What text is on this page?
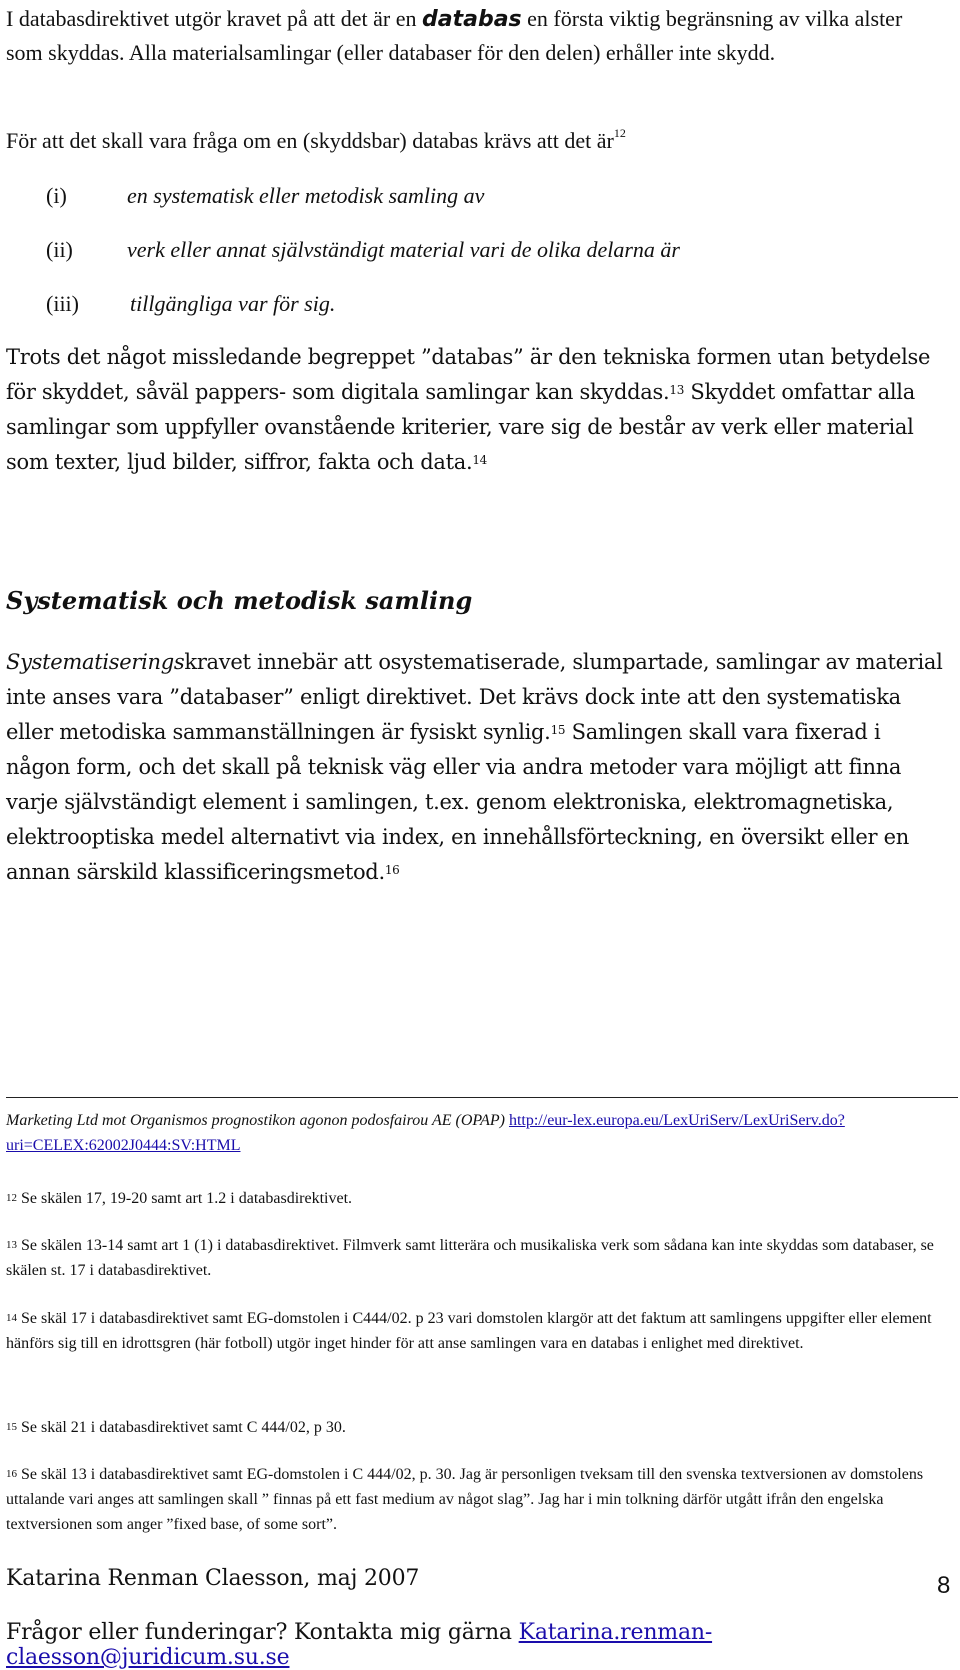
I databasdirektivet utgör kravet på att det är en databas en första viktig begränsning av vilka alster som skyddas. Alla materialsamlingar (eller databaser för den delen) erhåller inte skydd.
För att det skall vara fråga om en (skyddsbar) databas krävs att det är$^{12}$
(i)	en systematisk eller metodisk samling av
(ii) verk eller annat självständigt material vari de olika delarna är
(iii) tillgängliga var för sig.
Trots det något missledande begreppet ”databas” är den tekniska formen utan betydelse för skyddet, såväl pappers- som digitala samlingar kan skyddas.$^{13}$ Skyddet omfattar alla samlingar som uppfyller ovanstående kriterier, vare sig de består av verk eller material som texter, ljud bilder, siffror, fakta och data.$^{14}$
Systematisk och metodisk samling
Systematiseringskravet innebär att osystematiserade, slumpartade, samlingar av material inte anses vara ”databaser” enligt direktivet. Det krävs dock inte att den systematiska eller metodiska sammanställningen är fysiskt synlig.$^{15}$ Samlingen skall vara fixerad i någon form, och det skall på teknisk väg eller via andra metoder vara möjligt att finna varje självständigt element i samlingen, t.ex. genom elektroniska, elektromagnetiska, elektrooptiska medel alternativt via index, en innehållsförteckning, en översikt eller en annan särskild klassificeringsmetod.$^{16}$
Marketing Ltd mot Organismos prognostikon agonon podosfairou AE (OPAP) http://eur-lex.europa.eu/LexUriServ/LexUriServ.do?uri=CELEX:62002J0444:SV:HTML
$^{12}$ Se skälen 17, 19-20 samt art 1.2 i databasdirektivet.
$^{13}$ Se skälen 13-14 samt art 1 (1) i databasdirektivet. Filmverk samt litterära och musikaliska verk som sådana kan inte skyddas som databaser, se skälen st. 17 i databasdirektivet.
$^{14}$ Se skäl 17 i databasdirektivet samt EG-domstolen i C444/02. p 23 vari domstolen klargör att det faktum att samlingens uppgifter eller element hänförs sig till en idrottsgren (här fotboll) utgör inget hinder för att anse samlingen vara en databas i enlighet med direktivet.
$^{15}$ Se skäl 21 i databasdirektivet samt C 444/02, p 30.
$^{16}$ Se skäl 13 i databasdirektivet samt EG-domstolen i C 444/02, p. 30. Jag är personligen tveksam till den svenska textversionen av domstolens uttalande vari anges att samlingen skall ” finnas på ett fast medium av något slag”. Jag har i min tolkning därför utgått ifrån den engelska textversionen som anger ”fixed base, of some sort”.
Katarina Renman Claesson, maj 2007	8
Frågor eller funderingar? Kontakta mig gärna Katarina.renman-claesson@juridicum.su.se
